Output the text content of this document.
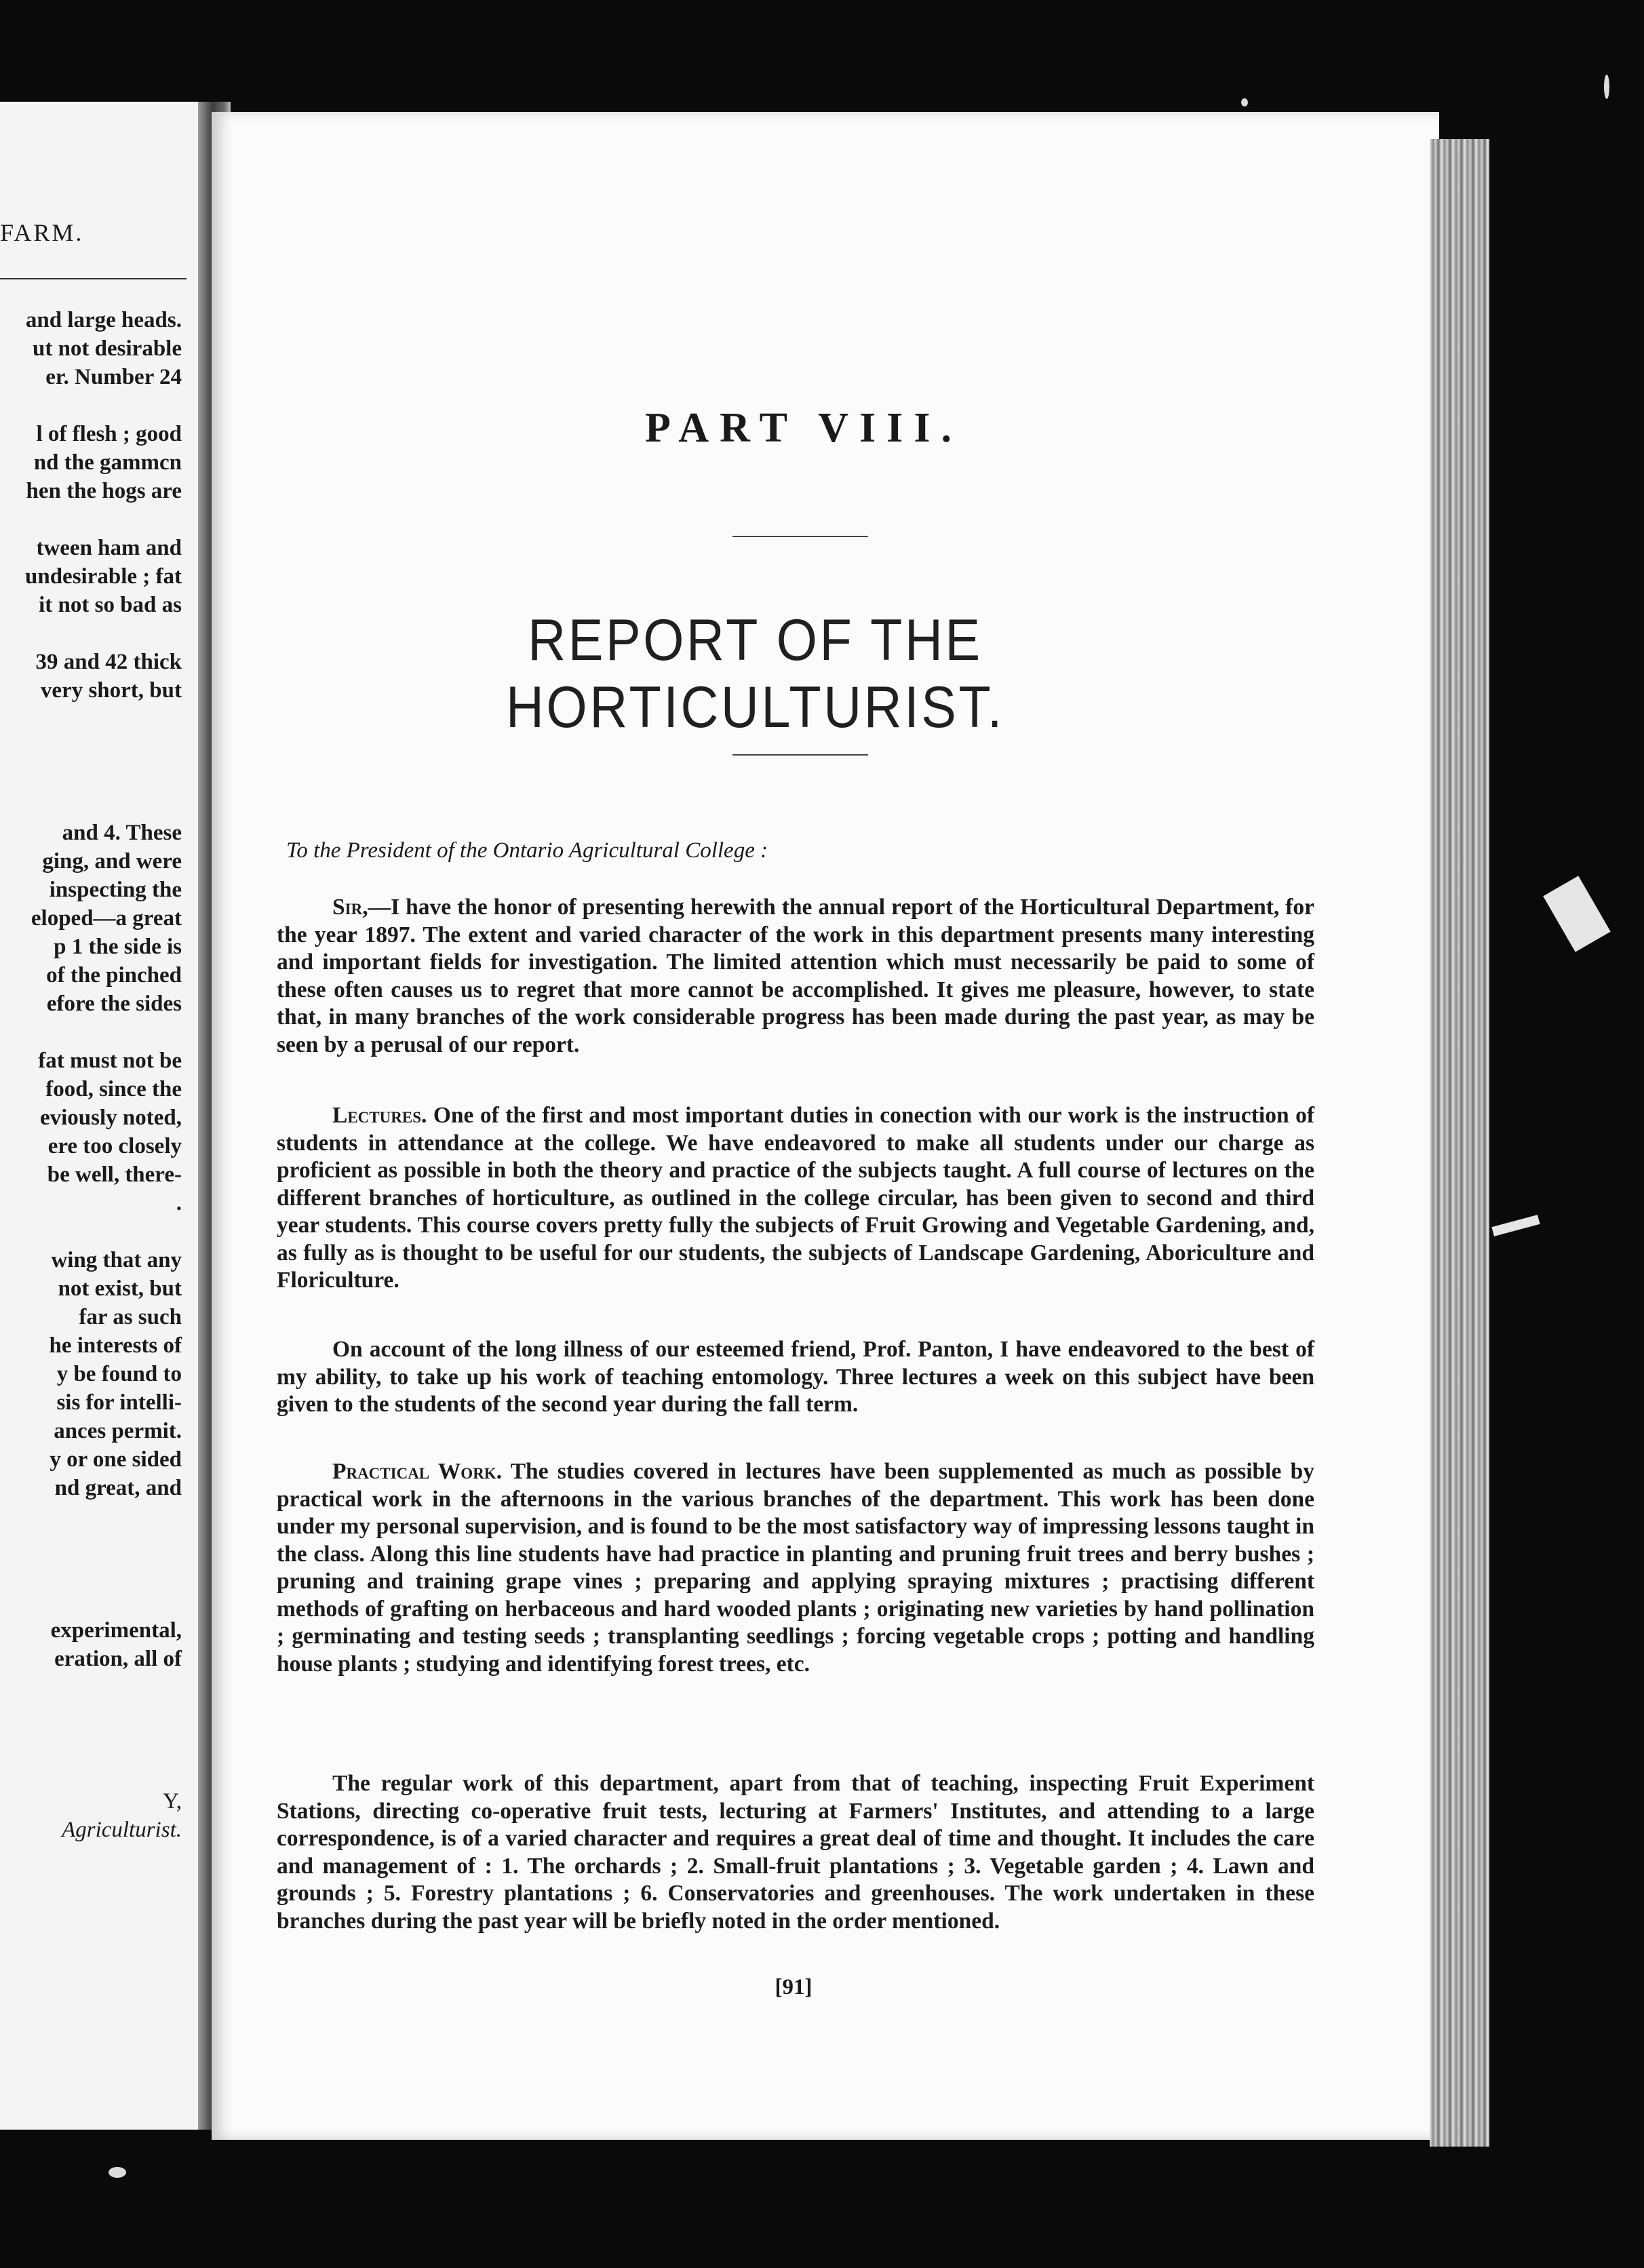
FARM.

and large heads.

ut not desirable

er. Number 24

l of flesh ; good

nd the gammcn

hen the hogs are

tween ham and

undesirable ; fat

it not so bad as

39 and 42 thick

very short, but

and 4. These

ging, and were

inspecting the

eloped—a great

p 1 the side is

of the pinched

efore the sides

fat must not be

food, since the

eviously noted,

ere too closely

be well, there-

.

wing that any

not exist, but

far as such

he interests of

y be found to

sis for intelli-

ances permit.

y or one sided

nd great, and

experimental,

eration, all of

Y,

Agriculturist.

PART VIII.
REPORT OF THE HORTICULTURIST.

To the President of the Ontario Agricultural College :

Sir,—I have the honor of presenting herewith the annual report of the Horticultural Department, for the year 1897. The extent and varied character of the work in this department presents many interesting and important fields for investigation. The limited attention which must necessarily be paid to some of these often causes us to regret that more cannot be accomplished. It gives me pleasure, however, to state that, in many branches of the work considerable progress has been made during the past year, as may be seen by a perusal of our report.

Lectures. One of the first and most important duties in conection with our work is the instruction of students in attendance at the college. We have endeavored to make all students under our charge as proficient as possible in both the theory and practice of the subjects taught. A full course of lectures on the different branches of horticulture, as outlined in the college circular, has been given to second and third year students. This course covers pretty fully the subjects of Fruit Growing and Vegetable Gardening, and, as fully as is thought to be useful for our students, the subjects of Landscape Gardening, Aboriculture and Floriculture.

On account of the long illness of our esteemed friend, Prof. Panton, I have endeavored to the best of my ability, to take up his work of teaching entomology. Three lectures a week on this subject have been given to the students of the second year during the fall term.

Practical Work. The studies covered in lectures have been supplemented as much as possible by practical work in the afternoons in the various branches of the department. This work has been done under my personal supervision, and is found to be the most satisfactory way of impressing lessons taught in the class. Along this line students have had practice in planting and pruning fruit trees and berry bushes ; pruning and training grape vines ; preparing and applying spraying mixtures ; practising different methods of grafting on herbaceous and hard wooded plants ; originating new varieties by hand pollination ; germinating and testing seeds ; transplanting seedlings ; forcing vegetable crops ; potting and handling house plants ; studying and identifying forest trees, etc.

The regular work of this department, apart from that of teaching, inspecting Fruit Experiment Stations, directing co-operative fruit tests, lecturing at Farmers' Institutes, and attending to a large correspondence, is of a varied character and requires a great deal of time and thought. It includes the care and management of : 1. The orchards ; 2. Small-fruit plantations ; 3. Vegetable garden ; 4. Lawn and grounds ; 5. Forestry plantations ; 6. Conservatories and greenhouses. The work undertaken in these branches during the past year will be briefly noted in the order mentioned.

[91]
